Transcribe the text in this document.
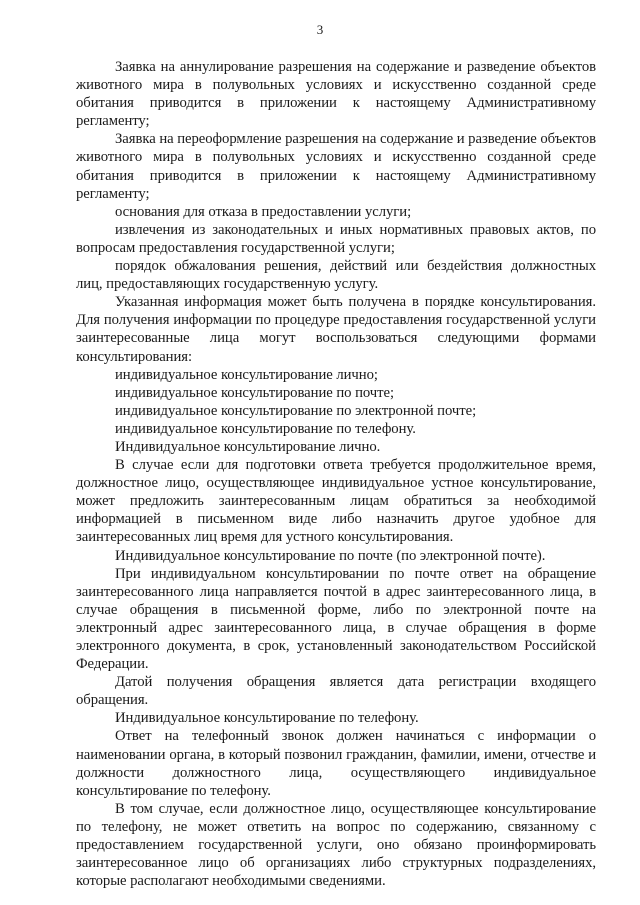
3

Заявка на аннулирование разрешения на содержание и разведение объектов животного мира в полувольных условиях и искусственно созданной среде обитания приводится в приложении к настоящему Административному регламенту;

Заявка на переоформление разрешения на содержание и разведение объектов животного мира в полувольных условиях и искусственно созданной среде обитания приводится в приложении к настоящему Административному регламенту;

основания для отказа в предоставлении услуги;

извлечения из законодательных и иных нормативных правовых актов, по вопросам предоставления государственной услуги;

порядок обжалования решения, действий или бездействия должностных лиц, предоставляющих государственную услугу.

Указанная информация может быть получена в порядке консультирования. Для получения информации по процедуре предоставления государственной услуги заинтересованные лица могут воспользоваться следующими формами консультирования:

индивидуальное консультирование лично;

индивидуальное консультирование по почте;

индивидуальное консультирование по электронной почте;

индивидуальное консультирование по телефону.

Индивидуальное консультирование лично.

В случае если для подготовки ответа требуется продолжительное время, должностное лицо, осуществляющее индивидуальное устное консультирование, может предложить заинтересованным лицам обратиться за необходимой информацией в письменном виде либо назначить другое удобное для заинтересованных лиц время для устного консультирования.

Индивидуальное консультирование по почте (по электронной почте).

При индивидуальном консультировании по почте ответ на обращение заинтересованного лица направляется почтой в адрес заинтересованного лица, в случае обращения в письменной форме, либо по электронной почте на электронный адрес заинтересованного лица, в случае обращения в форме электронного документа, в срок, установленный законодательством Российской Федерации.

Датой получения обращения является дата регистрации входящего обращения.

Индивидуальное консультирование по телефону.

Ответ на телефонный звонок должен начинаться с информации о наименовании органа, в который позвонил гражданин, фамилии, имени, отчестве и должности должностного лица, осуществляющего индивидуальное консультирование по телефону.

В том случае, если должностное лицо, осуществляющее консультирование по телефону, не может ответить на вопрос по содержанию, связанному с предоставлением государственной услуги, оно обязано проинформировать заинтересованное лицо об организациях либо структурных подразделениях, которые располагают необходимыми сведениями.
